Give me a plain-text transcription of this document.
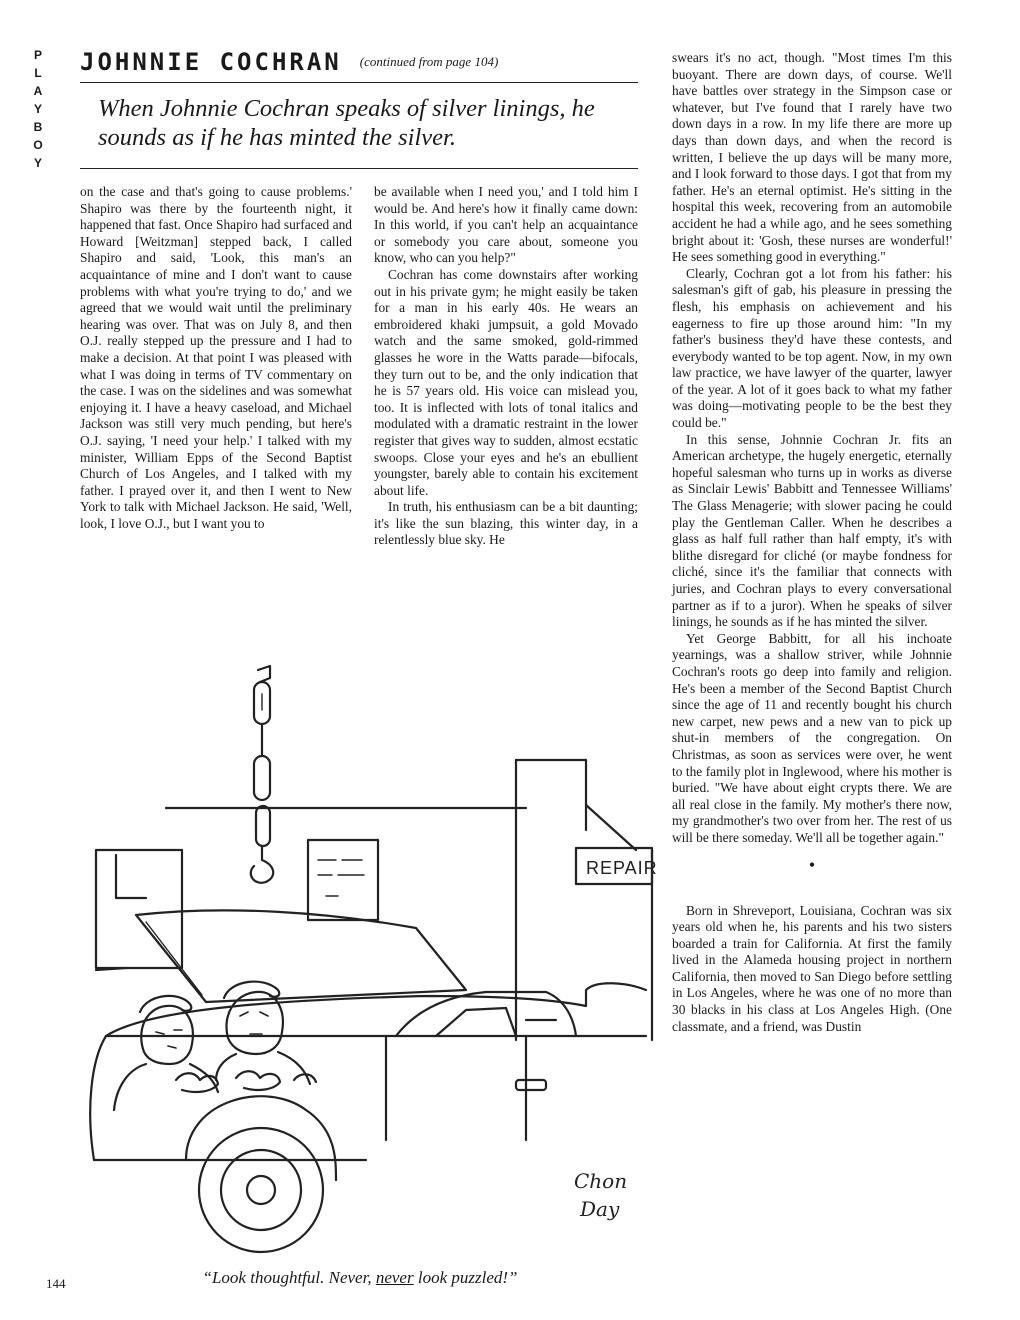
P
L
A
Y
B
O
Y
JOHNNIE COCHRAN (continued from page 104)
When Johnnie Cochran speaks of silver linings, he sounds as if he has minted the silver.

on the case and that's going to cause problems.' Shapiro was there by the fourteenth night, it happened that fast. Once Shapiro had surfaced and Howard [Weitzman] stepped back, I called Shapiro and said, 'Look, this man's an acquaintance of mine and I don't want to cause problems with what you're trying to do,' and we agreed that we would wait until the preliminary hearing was over. That was on July 8, and then O.J. really stepped up the pressure and I had to make a decision. At that point I was pleased with what I was doing in terms of TV commentary on the case. I was on the sidelines and was somewhat enjoying it. I have a heavy caseload, and Michael Jackson was still very much pending, but here's O.J. saying, 'I need your help.' I talked with my minister, William Epps of the Second Baptist Church of Los Angeles, and I talked with my father. I prayed over it, and then I went to New York to talk with Michael Jackson. He said, 'Well, look, I love O.J., but I want you to

be available when I need you,' and I told him I would be. And here's how it finally came down: In this world, if you can't help an acquaintance or somebody you care about, someone you know, who can you help?"

Cochran has come downstairs after working out in his private gym; he might easily be taken for a man in his early 40s. He wears an embroidered khaki jumpsuit, a gold Movado watch and the same smoked, gold-rimmed glasses he wore in the Watts parade—bifocals, they turn out to be, and the only indication that he is 57 years old. His voice can mislead you, too. It is inflected with lots of tonal italics and modulated with a dramatic restraint in the lower register that gives way to sudden, almost ecstatic swoops. Close your eyes and he's an ebullient youngster, barely able to contain his excitement about life.

In truth, his enthusiasm can be a bit daunting; it's like the sun blazing, this winter day, in a relentlessly blue sky. He

swears it's no act, though. "Most times I'm this buoyant. There are down days, of course. We'll have battles over strategy in the Simpson case or whatever, but I've found that I rarely have two down days in a row. In my life there are more up days than down days, and when the record is written, I believe the up days will be many more, and I look forward to those days. I got that from my father. He's an eternal optimist. He's sitting in the hospital this week, recovering from an automobile accident he had a while ago, and he sees something bright about it: 'Gosh, these nurses are wonderful!' He sees something good in everything."

Clearly, Cochran got a lot from his father: his salesman's gift of gab, his pleasure in pressing the flesh, his emphasis on achievement and his eagerness to fire up those around him: "In my father's business they'd have these contests, and everybody wanted to be top agent. Now, in my own law practice, we have lawyer of the quarter, lawyer of the year. A lot of it goes back to what my father was doing—motivating people to be the best they could be."

In this sense, Johnnie Cochran Jr. fits an American archetype, the hugely energetic, eternally hopeful salesman who turns up in works as diverse as Sinclair Lewis' Babbitt and Tennessee Williams' The Glass Menagerie; with slower pacing he could play the Gentleman Caller. When he describes a glass as half full rather than half empty, it's with blithe disregard for cliché (or maybe fondness for cliché, since it's the familiar that connects with juries, and Cochran plays to every conversational partner as if to a juror). When he speaks of silver linings, he sounds as if he has minted the silver.

Yet George Babbitt, for all his inchoate yearnings, was a shallow striver, while Johnnie Cochran's roots go deep into family and religion. He's been a member of the Second Baptist Church since the age of 11 and recently bought his church new carpet, new pews and a new van to pick up shut-in members of the congregation. On Christmas, as soon as services were over, he went to the family plot in Inglewood, where his mother is buried. "We have about eight crypts there. We are all real close in the family. My mother's there now, my grandmother's two over from her. The rest of us will be there someday. We'll all be together again."

•

Born in Shreveport, Louisiana, Cochran was six years old when he, his parents and his two sisters boarded a train for California. At first the family lived in the Alameda housing project in northern California, then moved to San Diego before settling in Los Angeles, where he was one of no more than 30 blacks in his class at Los Angeles High. (One classmate, and a friend, was Dustin

REPAIR
Chon
Day
“Look thoughtful. Never, never look puzzled!”
144
